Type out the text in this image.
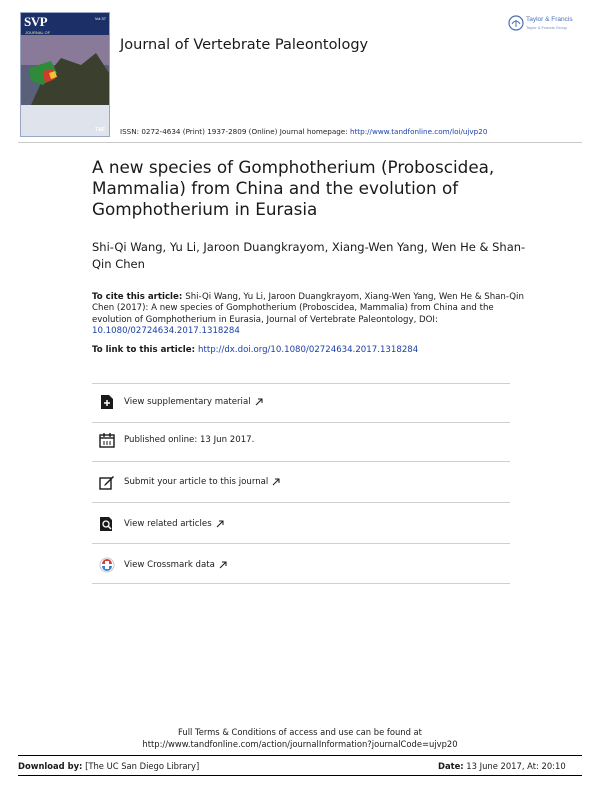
SVP
JOURNAL OF
Vol 37
T&F
Taylor & Francis
Taylor & Francis Group
Journal of Vertebrate Paleontology
ISSN: 0272-4634 (Print) 1937-2809 (Online) Journal homepage: http://www.tandfonline.com/loi/ujvp20
A new species of Gomphotherium (Proboscidea, Mammalia) from China and the evolution of Gomphotherium in Eurasia
Shi-Qi Wang, Yu Li, Jaroon Duangkrayom, Xiang-Wen Yang, Wen He & Shan-Qin Chen
To cite this article: Shi-Qi Wang, Yu Li, Jaroon Duangkrayom, Xiang-Wen Yang, Wen He & Shan-Qin Chen (2017): A new species of Gomphotherium (Proboscidea, Mammalia) from China and the evolution of Gomphotherium in Eurasia, Journal of Vertebrate Paleontology, DOI: 10.1080/02724634.2017.1318284
To link to this article: http://dx.doi.org/10.1080/02724634.2017.1318284
View supplementary material
Published online: 13 Jun 2017.
Submit your article to this journal
View related articles
View Crossmark data
Full Terms & Conditions of access and use can be found at
http://www.tandfonline.com/action/journalInformation?journalCode=ujvp20
Download by: [The UC San Diego Library]	Date: 13 June 2017, At: 20:10
